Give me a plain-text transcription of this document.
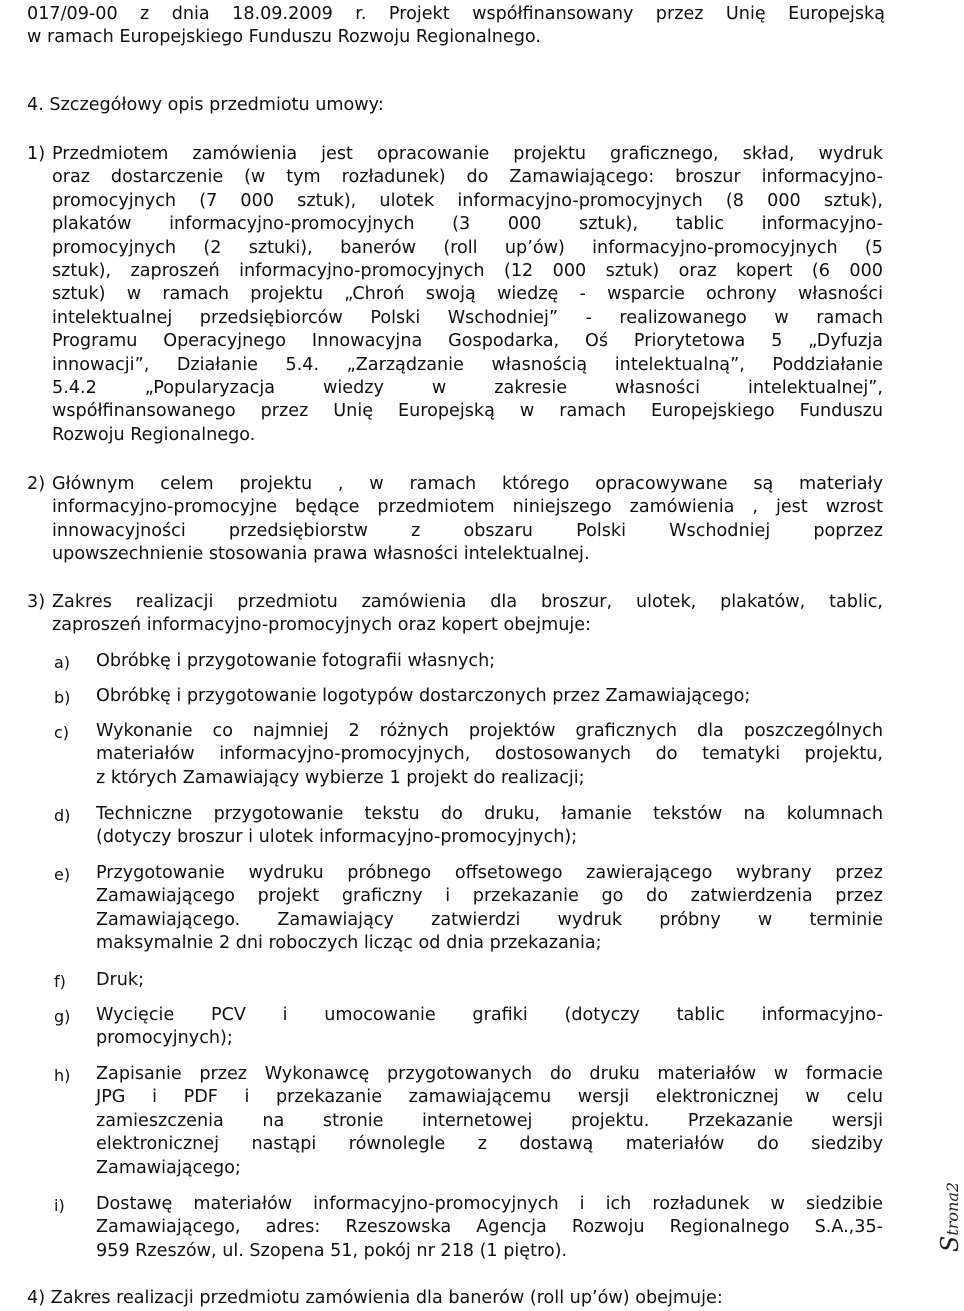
017/09-00 z dnia 18.09.2009 r. Projekt współfinansowany przez Unię Europejską

w ramach Europejskiego Funduszu Rozwoju Regionalnego.

4. Szczegółowy opis przedmiotu umowy:

1) Przedmiotem zamówienia jest opracowanie projektu graficznego, skład, wydruk

oraz dostarczenie (w tym rozładunek) do Zamawiającego: broszur informacyjno-

promocyjnych (7 000 sztuk), ulotek informacyjno-promocyjnych (8 000 sztuk),

plakatów informacyjno-promocyjnych (3 000 sztuk), tablic informacyjno-

promocyjnych (2 sztuki), banerów (roll up’ów) informacyjno-promocyjnych (5

sztuk), zaproszeń informacyjno-promocyjnych (12 000 sztuk) oraz kopert (6 000

sztuk) w ramach projektu „Chroń swoją wiedzę - wsparcie ochrony własności

intelektualnej przedsiębiorców Polski Wschodniej” - realizowanego w ramach

Programu Operacyjnego Innowacyjna Gospodarka, Oś Priorytetowa 5 „Dyfuzja

innowacji”, Działanie 5.4. „Zarządzanie własnością intelektualną”, Poddziałanie

5.4.2 „Popularyzacja wiedzy w zakresie własności intelektualnej”,

współfinansowanego przez Unię Europejską w ramach Europejskiego Funduszu

Rozwoju Regionalnego.

2) Głównym celem projektu , w ramach którego opracowywane są materiały

informacyjno-promocyjne będące przedmiotem niniejszego zamówienia , jest wzrost

innowacyjności przedsiębiorstw z obszaru Polski Wschodniej poprzez

upowszechnienie stosowania prawa własności intelektualnej.

3) Zakres realizacji przedmiotu zamówienia dla broszur, ulotek, plakatów, tablic,

zaproszeń informacyjno-promocyjnych oraz kopert obejmuje:

a)	Obróbkę i przygotowanie fotografii własnych;

b)	Obróbkę i przygotowanie logotypów dostarczonych przez Zamawiającego;

c)	Wykonanie co najmniej 2 różnych projektów graficznych dla poszczególnych

materiałów informacyjno-promocyjnych, dostosowanych do tematyki projektu,

z których Zamawiający wybierze 1 projekt do realizacji;

d)	Techniczne przygotowanie tekstu do druku, łamanie tekstów na kolumnach

(dotyczy broszur i ulotek informacyjno-promocyjnych);

e)	Przygotowanie wydruku próbnego offsetowego zawierającego wybrany przez

Zamawiającego projekt graficzny i przekazanie go do zatwierdzenia przez

Zamawiającego. Zamawiający zatwierdzi wydruk próbny w terminie

maksymalnie 2 dni roboczych licząc od dnia przekazania;

f)	Druk;

g)	Wycięcie PCV i umocowanie grafiki (dotyczy tablic informacyjno-

promocyjnych);

h)	Zapisanie przez Wykonawcę przygotowanych do druku materiałów w formacie

JPG i PDF i przekazanie zamawiającemu wersji elektronicznej w celu

zamieszczenia na stronie internetowej projektu. Przekazanie wersji

elektronicznej nastąpi równolegle z dostawą materiałów do siedziby

Zamawiającego;

i)	Dostawę materiałów informacyjno-promocyjnych i ich rozładunek w siedzibie

Zamawiającego, adres: Rzeszowska Agencja Rozwoju Regionalnego S.A.,35-

959 Rzeszów, ul. Szopena 51, pokój nr 218 (1 piętro).

4) Zakres realizacji przedmiotu zamówienia dla banerów (roll up’ów) obejmuje:

Strona2
